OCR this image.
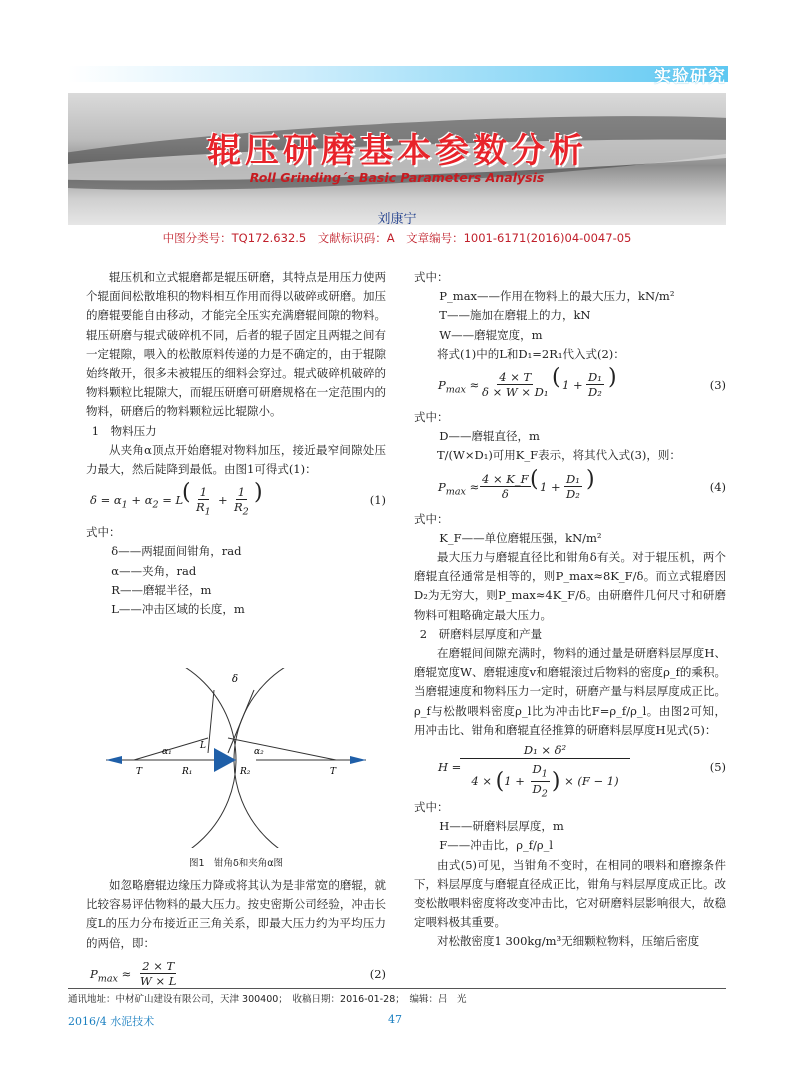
实验研究
辊压研磨基本参数分析
Roll Grinding´s Basic Parameters Analysis
刘康宁
中图分类号：TQ172.632.5　文献标识码：A　文章编号：1001-6171(2016)04-0047-05

辊压机和立式辊磨都是辊压研磨，其特点是用压力使两个辊面间松散堆积的物料相互作用而得以破碎或研磨。加压的磨辊要能自由移动，才能完全压实充满磨辊间隙的物料。辊压研磨与辊式破碎机不同，后者的辊子固定且两辊之间有一定辊隙，喂入的松散原料传递的力是不确定的，由于辊隙始终敞开，很多未被辊压的细料会穿过。辊式破碎机破碎的物料颗粒比辊隙大，而辊压研磨可研磨规格在一定范围内的物料，研磨后的物料颗粒远比辊隙小。

1　物料压力

从夹角α顶点开始磨辊对物料加压，接近最窄间隙处压力最大，然后陡降到最低。由图1可得式(1)：

$\delta = \alpha_1 + \alpha_2 = L$
( $\frac{1}{R_1} + \frac{1}{R_2}$ )	(1)

式中：

δ——两辊面间钳角，rad

α——夹角，rad

R——磨辊半径，m

L——冲击区域的长度，m

δ
α₁	α₂
L
T	T
R₁	R₂
图1　钳角δ和夹角α图

如忽略磨辊边缘压力降或将其认为是非常宽的磨辊，就比较容易评估物料的最大压力。按史密斯公司经验，冲击长度L的压力分布接近正三角关系，即最大压力约为平均压力的两倍，即：

$P_{max} \approx \frac{2 \times T}{W \times L}$	(2)

式中：

P_max——作用在物料上的最大压力，kN/m²

T——施加在磨辊上的力，kN

W——磨辊宽度，m

将式(1)中的L和D₁=2R₁代入式(2)：

$P_{max} \approx \frac{4 \times T}{\text{δ × W × D₁}}$ ( $1 + \frac{\text{D₁}}{\text{D₂}}$ )	(3)

式中：

D——磨辊直径，m

T/(W×D₁)可用K_F表示，将其代入式(3)，则：

$P_{max} \approx \frac{4 \times K\_F}{\delta}$ ( $1 + \frac{\text{D₁}}{\text{D₂}}$ )	(4)

式中：

K_F——单位磨辊压强，kN/m²

最大压力与磨辊直径比和钳角δ有关。对于辊压机，两个磨辊直径通常是相等的，则P_max≈8K_F/δ。而立式辊磨因D₂为无穷大，则P_max≈4K_F/δ。由研磨件几何尺寸和研磨物料可粗略确定最大压力。

2　研磨料层厚度和产量

在磨辊间间隙充满时，物料的通过量是研磨料层厚度H、磨辊宽度W、磨辊速度v和磨辊滚过后物料的密度ρ_f的乘积。当磨辊速度和物料压力一定时，研磨产量与料层厚度成正比。ρ_f与松散喂料密度ρ_l比为冲击比F=ρ_f/ρ_l。由图2可知，用冲击比、钳角和磨辊直径推算的研磨料层厚度H见式(5)：

H =
D₁ × δ²
$4 \times (1 + \frac{D_1}{D_2}$ ) × (F − 1)
(5)

式中：

H——研磨料层厚度，m

F——冲击比，ρ_f/ρ_l

由式(5)可见，当钳角不变时，在相同的喂料和磨擦条件下，料层厚度与磨辊直径成正比，钳角与料层厚度成正比。改变松散喂料密度将改变冲击比，它对研磨料层影响很大，故稳定喂料极其重要。

对松散密度1 300kg/m³无细颗粒物料，压缩后密度

通讯地址：中材矿山建设有限公司，天津 300400；　收稿日期：2016-01-28；　编辑：吕　光
2016/4 水泥技术	47
